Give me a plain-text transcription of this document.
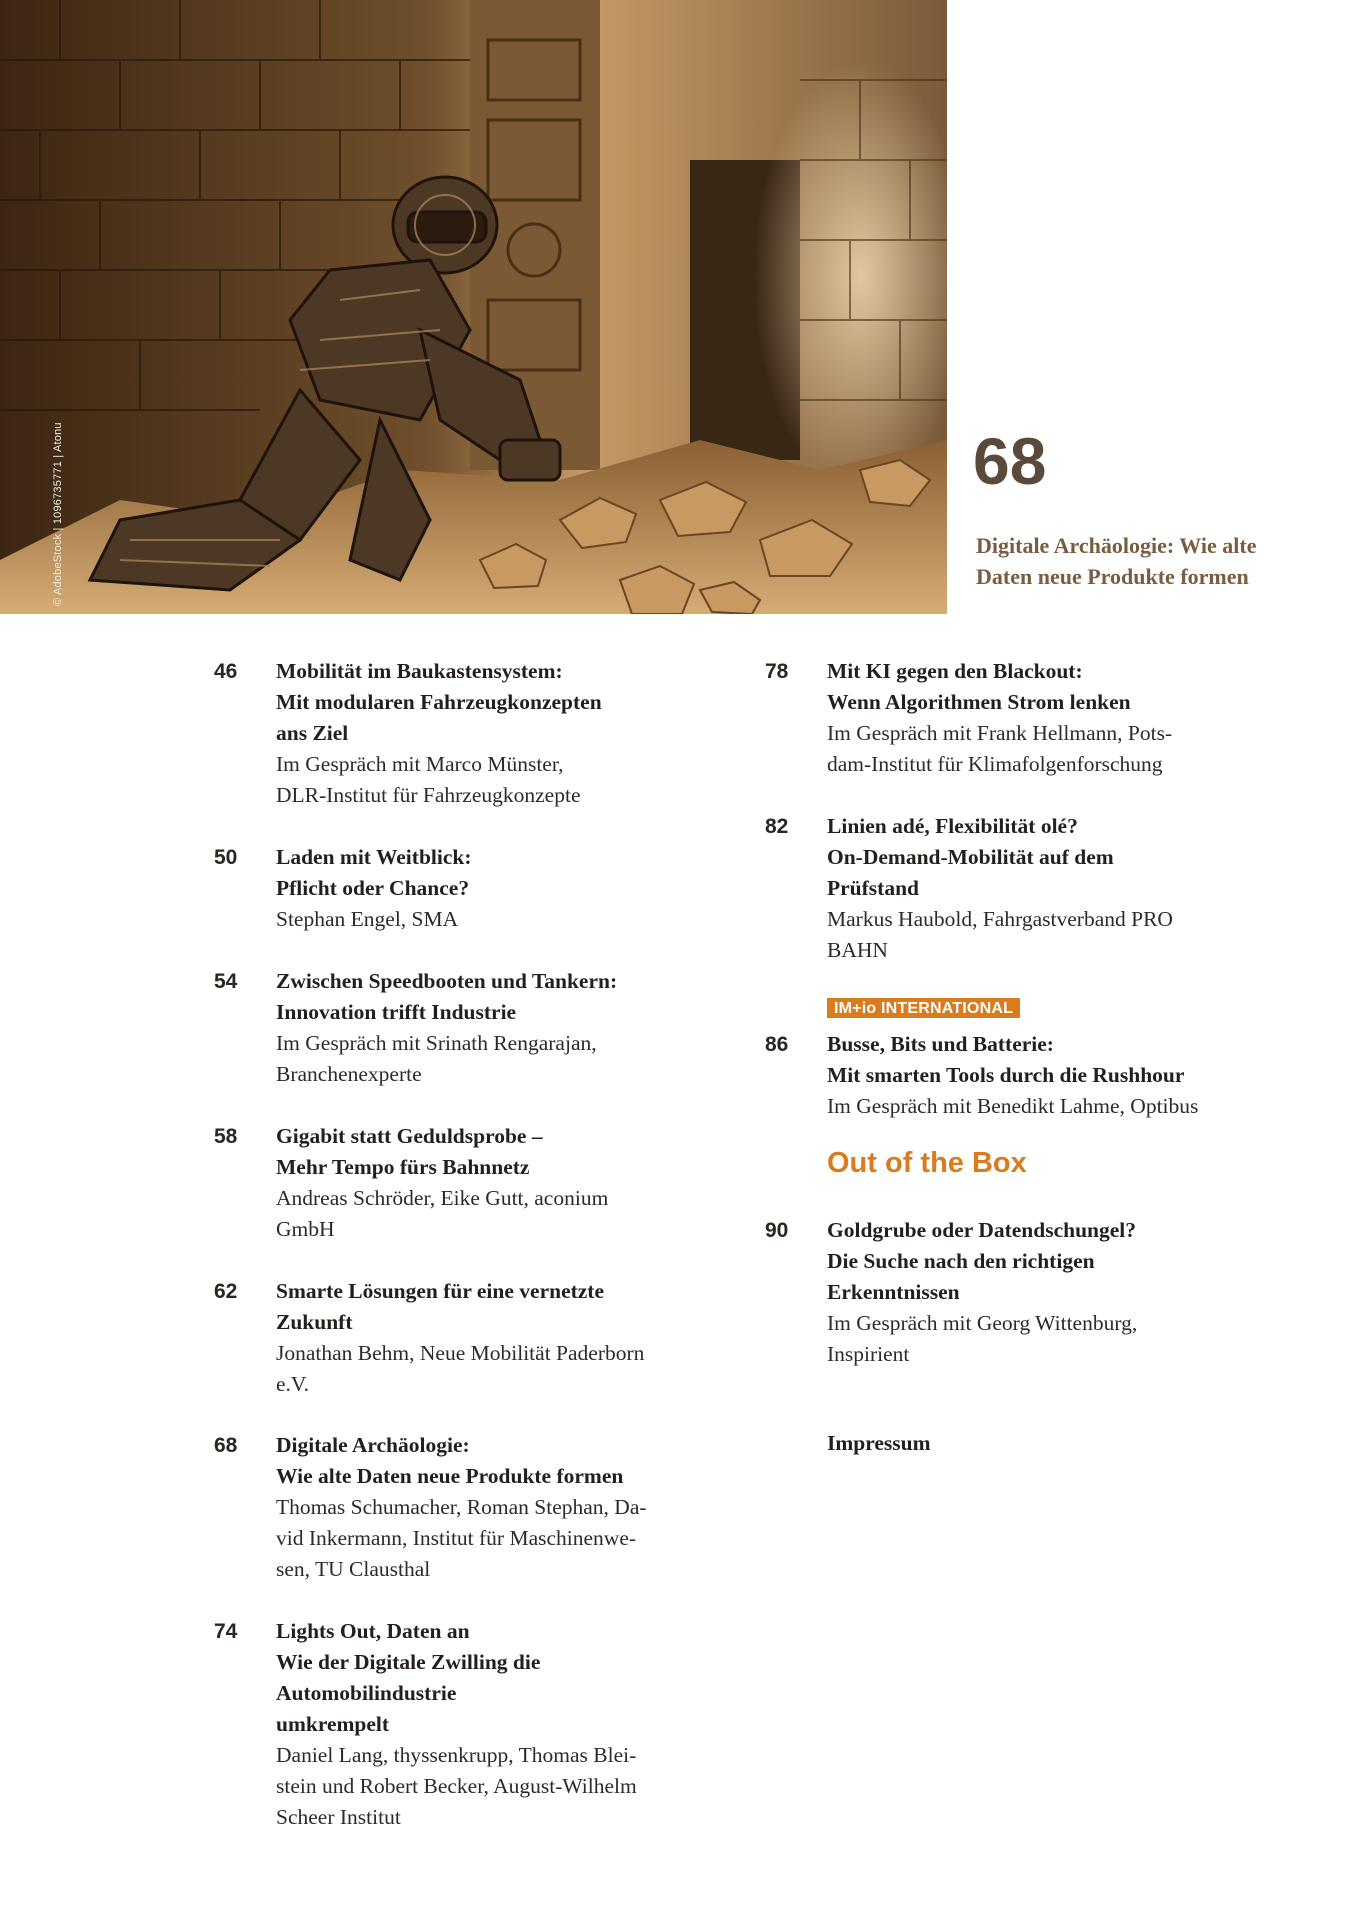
© AdobeStock | 1096735771 | Atonu	68
Digitale Archäologie: Wie alte Daten neue Produkte formen
46 Mobilität im Baukastensystem:
Mit modularen Fahrzeugkonzepten
ans Ziel
Im Gespräch mit Marco Münster,
DLR-Institut für Fahrzeugkonzepte
50 Laden mit Weitblick:
Pflicht oder Chance?
Stephan Engel, SMA
54 Zwischen Speedbooten und Tankern:
Innovation trifft Industrie
Im Gespräch mit Srinath Rengarajan,
Branchenexperte
58 Gigabit statt Geduldsprobe –
Mehr Tempo fürs Bahnnetz
Andreas Schröder, Eike Gutt, aconium
GmbH
62 Smarte Lösungen für eine vernetzte
Zukunft
Jonathan Behm, Neue Mobilität Paderborn
e.V.
68 Digitale Archäologie:
Wie alte Daten neue Produkte formen
Thomas Schumacher, Roman Stephan, Da-
vid Inkermann, Institut für Maschinenwe-
sen, TU Clausthal
74 Lights Out, Daten an
Wie der Digitale Zwilling die
Automobilindustrie
umkrempelt
Daniel Lang, thyssenkrupp, Thomas Blei-
stein und Robert Becker, August-Wilhelm
Scheer Institut
78 Mit KI gegen den Blackout:
Wenn Algorithmen Strom lenken
Im Gespräch mit Frank Hellmann, Pots-
dam-Institut für Klimafolgenforschung
82 Linien adé, Flexibilität olé?
On-Demand-Mobilität auf dem
Prüfstand
Markus Haubold, Fahrgastverband PRO
BAHN
86 Busse, Bits und Batterie:
Mit smarten Tools durch die Rushhour
Im Gespräch mit Benedikt Lahme, Optibus
90 Goldgrube oder Datendschungel?
Die Suche nach den richtigen
Erkenntnissen
Im Gespräch mit Georg Wittenburg,
Inspirient
IM+io INTERNATIONAL
Out of the Box
Impressum
